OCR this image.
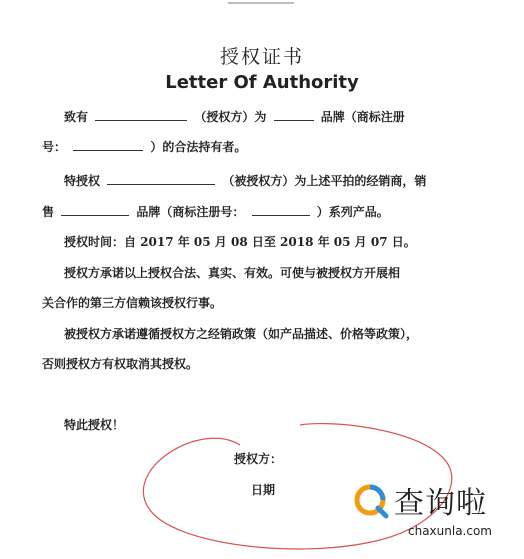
授权证书
Letter Of Authority
致有	（授权方）为	品牌（商标注册
号：	）的合法持有者。
特授权	（被授权方）为上述平拍的经销商，销
售	品牌（商标注册号：	）系列产品。
授权时间：自 2017 年 05 月 08 日至 2018 年 05 月 07 日。
授权方承诺以上授权合法、真实、有效。可使与被授权方开展相
关合作的第三方信赖该授权行事。
被授权方承诺遵循授权方之经销政策（如产品描述、价格等政策），
否则授权方有权取消其授权。
特此授权！
授权方：
日期	查询啦
chaxunla.com
